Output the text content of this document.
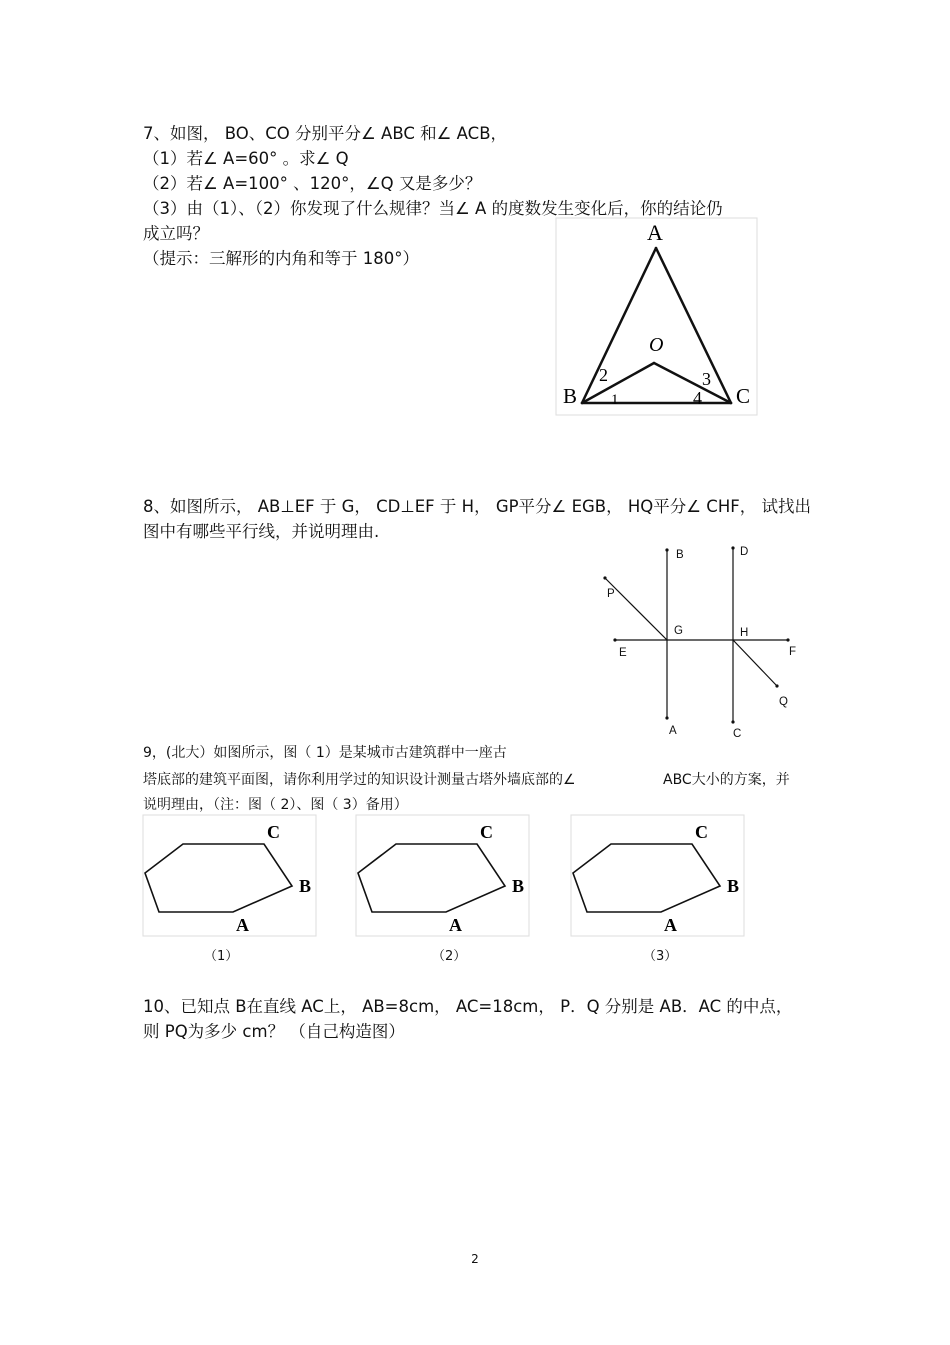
7、如图， BO、CO 分别平分∠ ABC 和∠ ACB，
（1）若∠ A=60° 。求∠ Q
（2）若∠ A=100° 、120°，∠Q 又是多少？
（3）由（1）、（2）你发现了什么规律？当∠ A 的度数发生变化后，你的结论仍
成立吗？
（提示：三解形的内角和等于 180°）
A
B	C
O
1
2	3
4
8、如图所示， AB⊥EF 于 G， CD⊥EF 于 H， GP平分∠ EGB， HQ平分∠ CHF， 试找出
图中有哪些平行线，并说明理由.
B	D
P
G	H
E	F
Q
A	C
9，(北大）如图所示，图（ 1）是某城市古建筑群中一座古
塔底部的建筑平面图，请你利用学过的知识设计测量古塔外墙底部的∠	ABC大小的方案，并
说明理由，（注：图（ 2）、图（ 3）备用）
C
B
A
C
B
A
C
B
A
（1）	（2）	（3）
10、已知点 B在直线 AC上， AB=8cm， AC=18cm， P．Q 分别是 AB．AC 的中点，
则 PQ为多少 cm？ （自己构造图）
2
